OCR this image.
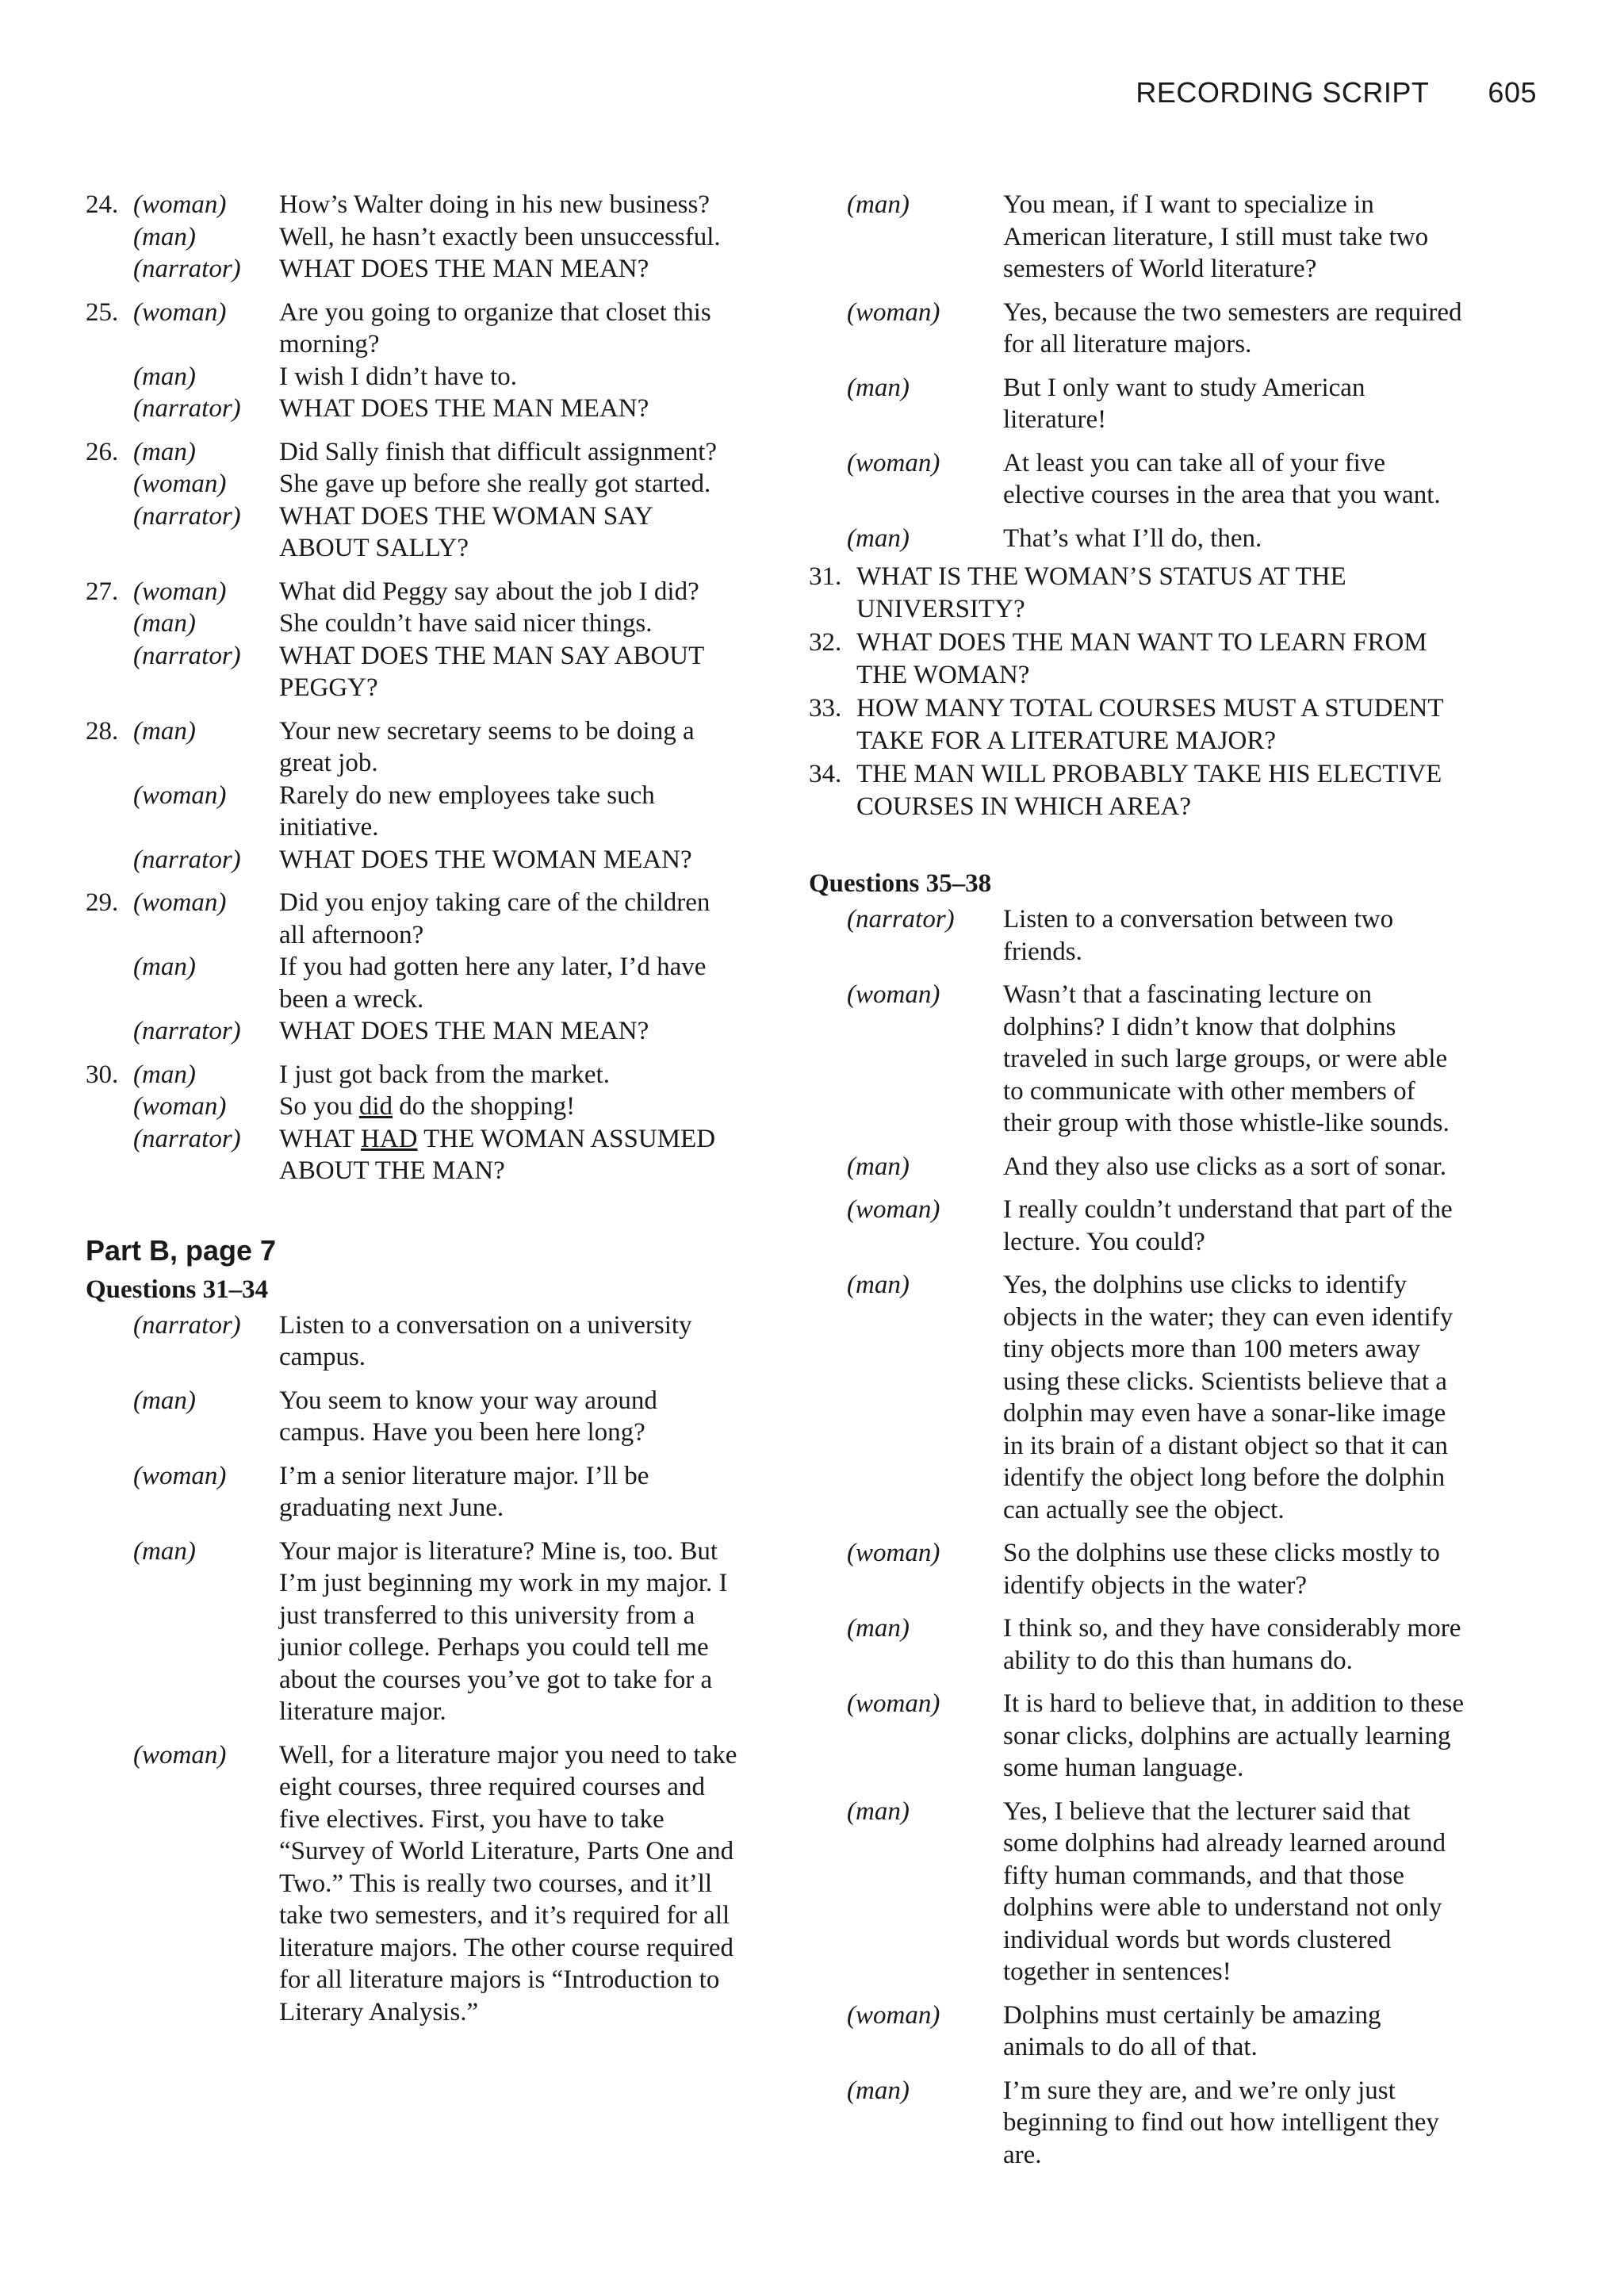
RECORDING SCRIPT 605
24. (woman) How’s Walter doing in his new business?
(man)	Well, he hasn’t exactly been unsuccessful.
(narrator) WHAT DOES THE MAN MEAN?
25. (woman) Are you going to organize that closet this morning?
(man)	I wish I didn’t have to.
(narrator) WHAT DOES THE MAN MEAN?
26. (man)	Did Sally finish that difficult assignment?
(woman) She gave up before she really got started.
(narrator) WHAT DOES THE WOMAN SAY ABOUT SALLY?
27. (woman) What did Peggy say about the job I did?
(man)	She couldn’t have said nicer things.
(narrator) WHAT DOES THE MAN SAY ABOUT PEGGY?
28. (man)	Your new secretary seems to be doing a great job.
(woman) Rarely do new employees take such initiative.
(narrator) WHAT DOES THE WOMAN MEAN?
29. (woman) Did you enjoy taking care of the children all afternoon?
(man)	If you had gotten here any later, I’d have been a wreck.
(narrator) WHAT DOES THE MAN MEAN?
30. (man)	I just got back from the market.
(woman) So you did do the shopping!
(narrator) WHAT HAD THE WOMAN ASSUMED ABOUT THE MAN?
Part B, page 7
Questions 31–34
(narrator) Listen to a conversation on a university campus.
(man)	You seem to know your way around campus. Have you been here long?
(woman) I’m a senior literature major. I’ll be graduating next June.
(man)	Your major is literature? Mine is, too. But I’m just beginning my work in my major. I just transferred to this university from a junior college. Perhaps you could tell me about the courses you’ve got to take for a literature major.
(woman) Well, for a literature major you need to take eight courses, three required courses and five electives. First, you have to take “Survey of World Literature, Parts One and Two.” This is really two courses, and it’ll take two semesters, and it’s required for all literature majors. The other course required for all literature majors is “Introduction to Literary Analysis.”
(man)	You mean, if I want to specialize in American literature, I still must take two semesters of World literature?
(woman) Yes, because the two semesters are required for all literature majors.
(man)	But I only want to study American literature!
(woman) At least you can take all of your five elective courses in the area that you want.
(man)	That’s what I’ll do, then.
31. WHAT IS THE WOMAN’S STATUS AT THE UNIVERSITY?
32. WHAT DOES THE MAN WANT TO LEARN FROM THE WOMAN?
33. HOW MANY TOTAL COURSES MUST A STUDENT TAKE FOR A LITERATURE MAJOR?
34. THE MAN WILL PROBABLY TAKE HIS ELECTIVE COURSES IN WHICH AREA?
Questions 35–38
(narrator) Listen to a conversation between two friends.
(woman) Wasn’t that a fascinating lecture on dolphins? I didn’t know that dolphins traveled in such large groups, or were able to communicate with other members of their group with those whistle-like sounds.
(man)	And they also use clicks as a sort of sonar.
(woman) I really couldn’t understand that part of the lecture. You could?
(man)	Yes, the dolphins use clicks to identify objects in the water; they can even identify tiny objects more than 100 meters away using these clicks. Scientists believe that a dolphin may even have a sonar-like image in its brain of a distant object so that it can identify the object long before the dolphin can actually see the object.
(woman) So the dolphins use these clicks mostly to identify objects in the water?
(man)	I think so, and they have considerably more ability to do this than humans do.
(woman) It is hard to believe that, in addition to these sonar clicks, dolphins are actually learning some human language.
(man)	Yes, I believe that the lecturer said that some dolphins had already learned around fifty human commands, and that those dolphins were able to understand not only individual words but words clustered together in sentences!
(woman) Dolphins must certainly be amazing animals to do all of that.
(man)	I’m sure they are, and we’re only just beginning to find out how intelligent they are.
